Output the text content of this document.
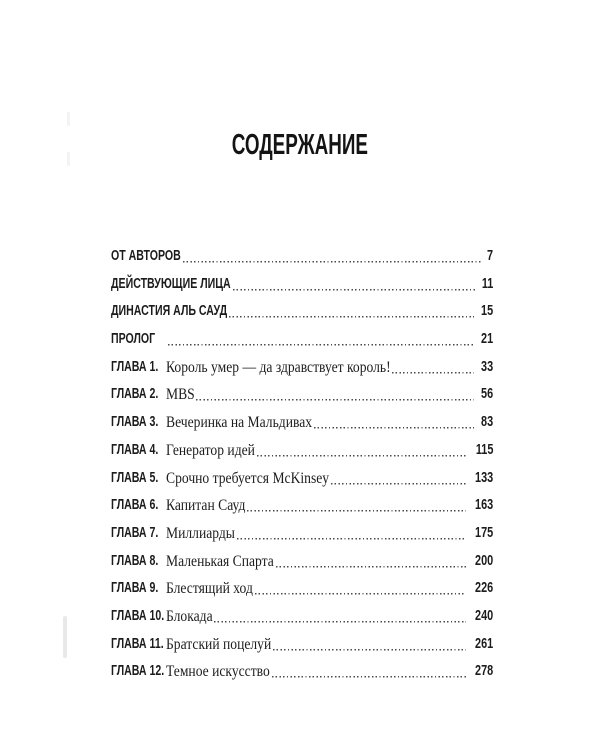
СОДЕРЖАНИЕ
ОТ АВТОРОВ	7
ДЕЙСТВУЮЩИЕ ЛИЦА	11
ДИНАСТИЯ АЛЬ САУД	15
ПРОЛОГ	21
ГЛАВА 1. Король умер — да здравствует король!	33
ГЛАВА 2. MBS	56
ГЛАВА 3. Вечеринка на Мальдивах	83
ГЛАВА 4. Генератор идей	115
ГЛАВА 5. Срочно требуется McKinsey	133
ГЛАВА 6. Капитан Сауд	163
ГЛАВА 7. Миллиарды	175
ГЛАВА 8. Маленькая Спарта	200
ГЛАВА 9. Блестящий ход	226
ГЛАВА 10. Блокада	240
ГЛАВА 11. Братский поцелуй	261
ГЛАВА 12. Темное искусство	278
